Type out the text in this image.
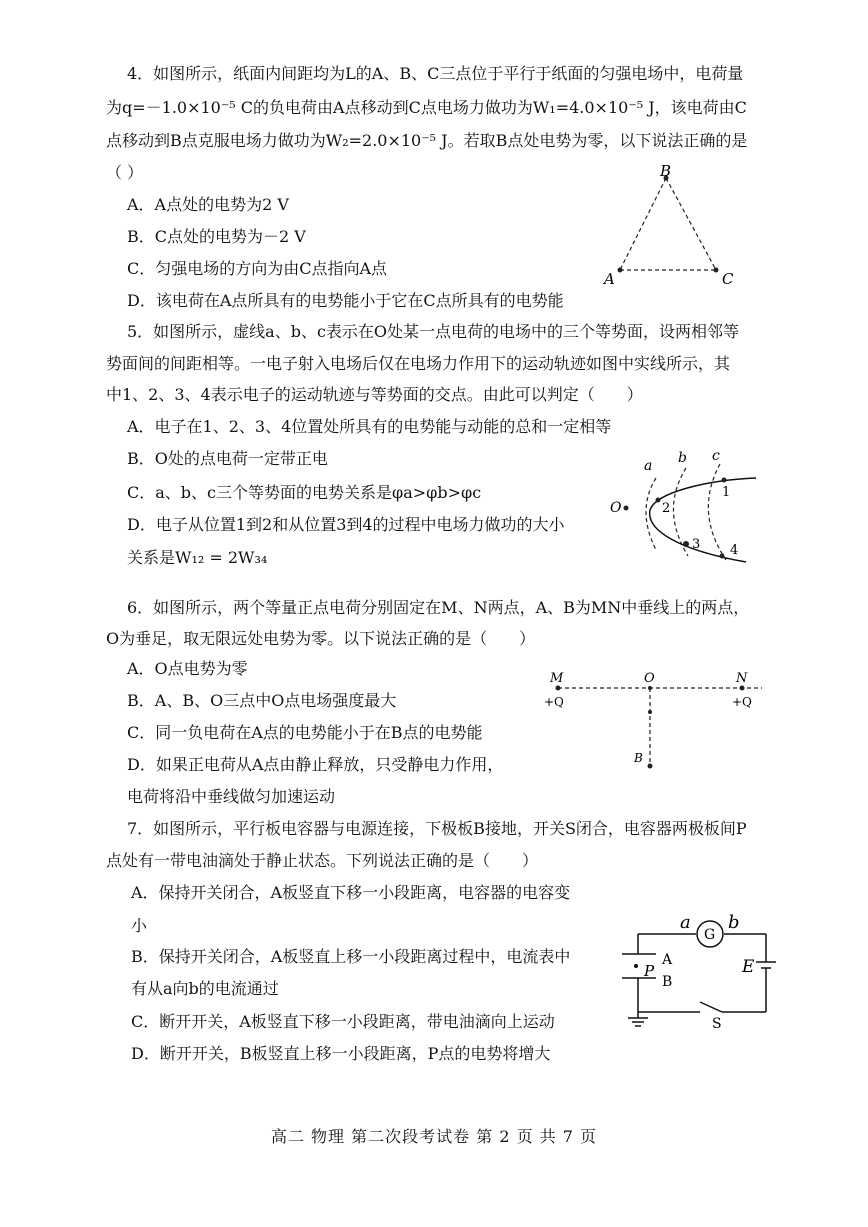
4．如图所示，纸面内间距均为L的A、B、C三点位于平行于纸面的匀强电场中，电荷量
为q=－1.0×10⁻⁵ C的负电荷由A点移动到C点电场力做功为W₁=4.0×10⁻⁵ J，该电荷由C
点移动到B点克服电场力做功为W₂=2.0×10⁻⁵ J。若取B点处电势为零，以下说法正确的是
（ ）
A．A点处的电势为2 V
B．C点处的电势为－2 V
C．匀强电场的方向为由C点指向A点
D．该电荷在A点所具有的电势能小于它在C点所具有的电势能
B
A	C
5．如图所示，虚线a、b、c表示在O处某一点电荷的电场中的三个等势面，设两相邻等
势面间的间距相等。一电子射入电场后仅在电场力作用下的运动轨迹如图中实线所示，其
中1、2、3、4表示电子的运动轨迹与等势面的交点。由此可以判定（　　）
A．电子在1、2、3、4位置处所具有的电势能与动能的总和一定相等
B．O处的点电荷一定带正电
C．a、b、c三个等势面的电势关系是φa>φb>φc
D．电子从位置1到2和从位置3到4的过程中电场力做功的大小
关系是W₁₂ = 2W₃₄
a b c
O
1
2
3 4
6．如图所示，两个等量正点电荷分别固定在M、N两点，A、B为MN中垂线上的两点，
O为垂足，取无限远处电势为零。以下说法正确的是（　　）
A．O点电势为零
B．A、B、O三点中O点电场强度最大
C．同一负电荷在A点的电势能小于在B点的电势能
D．如果正电荷从A点由静止释放，只受静电力作用，
电荷将沿中垂线做匀加速运动
M	N
O
+Q	+Q
B
7．如图所示，平行板电容器与电源连接，下极板B接地，开关S闭合，电容器两极板间P
点处有一带电油滴处于静止状态。下列说法正确的是（　　）
A．保持开关闭合，A板竖直下移一小段距离，电容器的电容变
小
B．保持开关闭合，A板竖直上移一小段距离过程中，电流表中
有从a向b的电流通过
C．断开开关，A板竖直下移一小段距离，带电油滴向上运动
D．断开开关，B板竖直上移一小段距离，P点的电势将增大
G
a b
E
A
B
P
S
高二 物理 第二次段考试卷 第 2 页 共 7 页
